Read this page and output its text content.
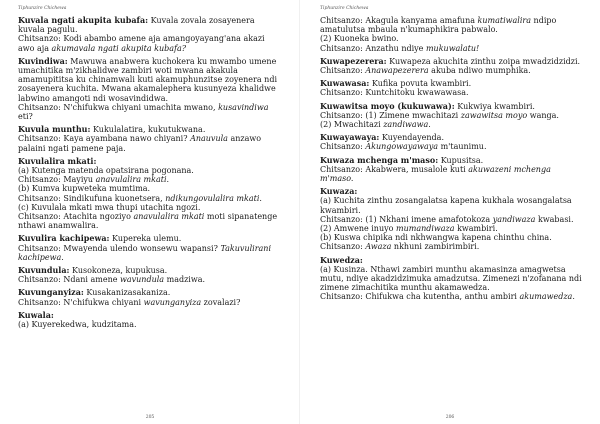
Tiphunzire Chichewa

Kuvala ngati akupita kubafa: Kuvala zovala zosayenera kuvala pagulu.

Chitsanzo: Kodi abambo amene aja amangoyayang'ana akazi awo aja akumavala ngati akupita kubafa?

Kuvindiwa: Mawuwa anabwera kuchokera ku mwambo umene umachitika m'zikhalidwe zambiri woti mwana akakula amamupititsa ku chinamwali kuti akamuphunzitse zoyenera ndi zosayenera kuchita. Mwana akamalephera kusunyeza khalidwe labwino amangoti ndi wosavindidwa.

Chitsanzo: N'chifukwa chiyani umachita mwano, kusavindiwa eti?

Kuvula munthu: Kukulalatira, kukutukwana.

Chitsanzo: Kaya ayambana nawo chiyani? Anauvula anzawo palaini ngati pamene paja.

Kuvulalira mkati:

(a) Kutenga matenda opatsirana pogonana.

Chitsanzo: Mayiyu anavulalira mkati.

(b) Kumva kupweteka mumtima.

Chitsanzo: Sindikufuna kuonetsera, ndikungovulalira mkati.

(c) Kuvulala mkati mwa thupi utachita ngozi.

Chitsanzo: Atachita ngoziyo anavulalira mkati moti sipanatenge nthawi anamwalira.

Kuvulira kachipewa: Kuperekа ulemu.

Chitsanzo: Mwayenda ulendo wonsewu wapansi? Takuvulirani kachipewa.

Kuvundula: Kusokoneza, kupukusa.

Chitsanzo: Ndani amene wavundula madziwa.

Kuvunganyiza: Kusakanizasakaniza.

Chitsanzo: N'chifukwa chiyani wavunganyiza zovalazi?

Kuwala:

(a) Kuyerekedwa, kudzitama.

205
Tiphunzire Chichewa

Chitsanzo: Akagula kanyama amafuna kumatiwalira ndipo amatulutsa mbaula n'kumaphikira pabwalo.

(2) Kuoneka bwino.

Chitsanzo: Anzathu ndiye mukuwalatu!

Kuwapezerera: Kuwapeza akuchita zinthu zoipa mwadzidzidzi.

Chitsanzo: Anawapezerera akuba ndiwo mumphika.

Kuwawasa: Kufika povuta kwambiri.

Chitsanzo: Kuntchitoku kwawawasa.

Kuwawitsa moyo (kukuwawa): Kukwiya kwambiri.

Chitsanzo: (1) Zimene mwachitazi zawawitsa moyo wanga.

(2) Mwachitazi zandiwawa.

Kuwayawaya: Kuyendayenda.

Chitsanzo: Akungowayawaya m'taunimu.

Kuwaza mchenga m'maso: Kupusitsa.

Chitsanzo: Akabwera, musalole kuti akuwazeni mchenga m'maso.

Kuwaza:

(a) Kuchita zinthu zosangalatsa kapena kukhala wosangalatsa kwambiri.

Chitsanzo: (1) Nkhani imene amafotokoza yandiwaza kwabasi. (2) Amwene inuyo mumandiwaza kwambiri.

(b) Kuswa chipika ndi nkhwangwa kapena chinthu china.

Chitsanzo: Awaza nkhuni zambirimbiri.

Kuwedza:

(a) Kusinza. Nthawi zambiri munthu akamasinza amagwetsa mutu, ndiye akadzidzimuka amadzutsa. Zimenezi n'zofanana ndi zimene zimachitika munthu akamawedza.

Chitsanzo: Chifukwa cha kutentha, anthu ambiri akumawedza.

206
